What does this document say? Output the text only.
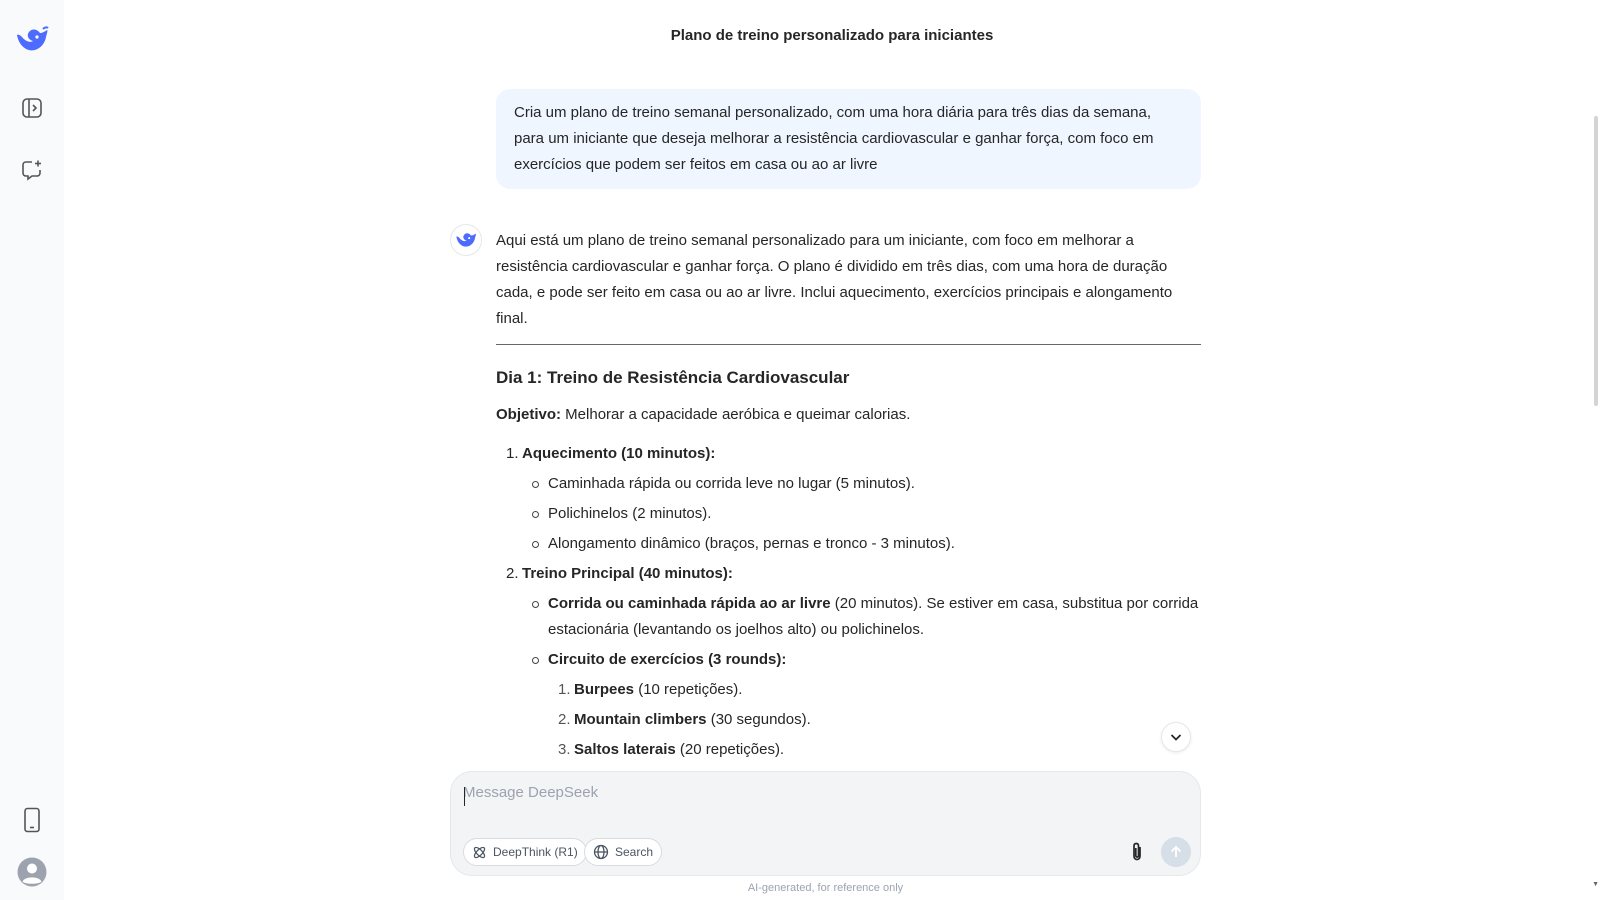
Plano de treino personalizado para iniciantes
▼
Cria um plano de treino semanal personalizado, com uma hora diária para três dias da semana, para um iniciante que deseja melhorar a resistência cardiovascular e ganhar força, com foco em exercícios que podem ser feitos em casa ou ao ar livre

Aqui está um plano de treino semanal personalizado para um iniciante, com foco em melhorar a resistência cardiovascular e ganhar força. O plano é dividido em três dias, com uma hora de duração cada, e pode ser feito em casa ou ao ar livre. Inclui aquecimento, exercícios principais e alongamento final.

Dia 1: Treino de Resistência Cardiovascular

Objetivo: Melhorar a capacidade aeróbica e queimar calorias.

1. Aquecimento (10 minutos):
Caminhada rápida ou corrida leve no lugar (5 minutos).
Polichinelos (2 minutos).
Alongamento dinâmico (braços, pernas e tronco - 3 minutos).
2. Treino Principal (40 minutos):
Corrida ou caminhada rápida ao ar livre (20 minutos). Se estiver em casa, substitua por corrida estacionária (levantando os joelhos alto) ou polichinelos.
Circuito de exercícios (3 rounds):
1. Burpees (10 repetições).
2. Mountain climbers (30 segundos).
3. Saltos laterais (20 repetições).
Message DeepSeek
DeepThink (R1)	Search
AI-generated, for reference only
